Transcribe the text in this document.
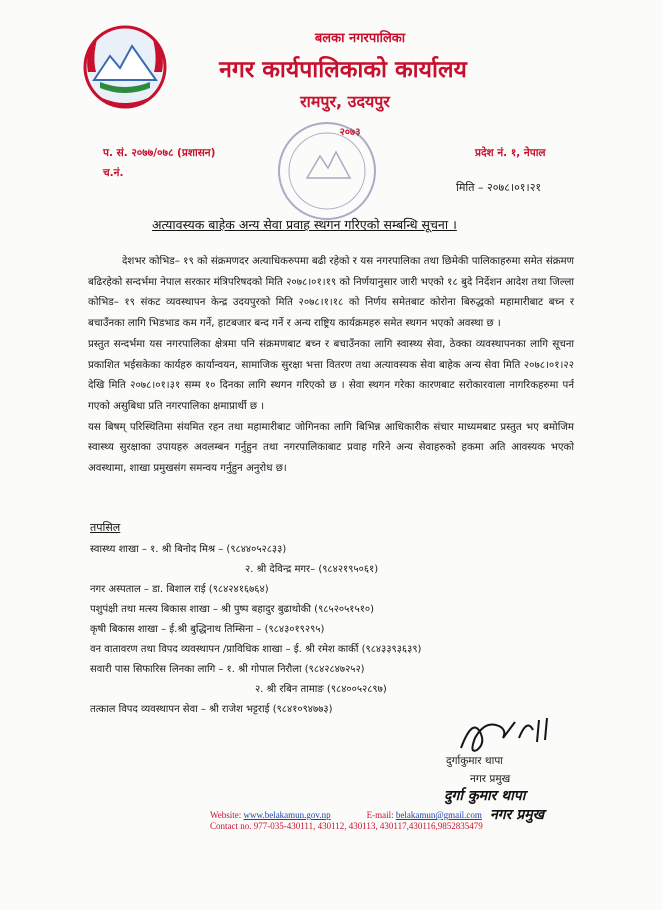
बलका नगरपालिका
नगर कार्यपालिकाको कार्यालय
रामपुर, उदयपुर
२०७३
प. सं. २०७७/०७८ (प्रशासन)
च.नं.
प्रदेश नं. १, नेपाल
मिति – २०७८।०१।२१
अत्यावस्यक बाहेक अन्य सेवा प्रवाह स्थगन गरिएको सम्बन्धि सूचना ।

देशभर कोभिड– १९ को संक्रमणदर अत्याधिकरुपमा बढी रहेको र यस नगरपालिका तथा छिमेकी पालिकाहरुमा समेत संक्रमण बढिरहेको सन्दर्भमा नेपाल सरकार मंत्रिपरिषदको मिति २०७८।०१।१९ को निर्णयानुसार जारी भएको १८ बुदे निर्देशन आदेश तथा जिल्ला कोभिड– १९ संकट व्यवस्थापन केन्द्र उदयपुरको मिति २०७८।१।१८ को निर्णय समेतबाट कोरोना बिरुद्धको महामारीबाट बच्न र बचाउँनका लागि भिडभाड कम गर्ने, हाटबजार बन्द गर्ने र अन्य राष्ट्रिय कार्यक्रमहरु समेत स्थगन भएको अवस्था छ ।

प्रस्तुत सन्दर्भमा यस नगरपालिका क्षेत्रमा पनि संक्रमणबाट बच्न र बचाउँनका लागि स्वास्थ्य सेवा, ठेक्का व्यवस्थापनका लागि सूचना प्रकाशित भईसकेका कार्यहरु कार्यान्वयन, सामाजिक सुरक्षा भत्ता वितरण तथा अत्यावस्यक सेवा बाहेक अन्य सेवा मिति २०७८।०१।२२ देखि मिति २०७८।०१।३१ सम्म १० दिनका लागि स्थगन गरिएको छ । सेवा स्थगन गरेका कारणबाट सरोकारवाला नागरिकहरुमा पर्न गएको असुबिधा प्रति नगरपालिका क्षमाप्रार्थी छ ।

यस बिषम् परिस्थितिमा संयमित रहन तथा महामारीबाट जोगिनका लागि बिभिन्न आधिकारीक संचार माध्यमबाट प्रस्तुत भए बमोजिम स्वास्थ्य सुरक्षाका उपायहरु अवलम्बन गर्नुहुन तथा नगरपालिकाबाट प्रवाह गरिने अन्य सेवाहरुको हकमा अति आवस्यक भएको अवस्थामा, शाखा प्रमुखसंग समन्वय गर्नुहुन अनुरोध छ।

तपसिल
स्वास्थ्य शाखा – १. श्री बिनोद मिश्र – (९८४४०५२८३३)
२. श्री देविन्द्र मगर– (९८४२१९५०६१)
नगर अस्पताल – डा. बिशाल राई (९८४२४१६७६४)
पशुपंक्षी तथा मत्स्य बिकास शाखा – श्री पुष्प बहादुर बुढाथोकी (९८५२०५१५१०)
कृषी बिकास शाखा – ई.श्री बुद्धिनाथ तिम्सिना – (९८४३०१९२९५)
वन वातावरण तथा विपद व्यवस्थापन /प्राविधिक शाखा – ई. श्री रमेश कार्की (९८४३३९३६३९)
सवारी पास सिफारिस लिनका लागि – १. श्री गोपाल निरौला (९८४२८४७२५२)
२. श्री रबिन तामाङ (९८४००५२८९७)
तत्काल विपद व्यवस्थापन सेवा – श्री राजेश भट्टराई (९८४१०९४७७३)
दुर्गाकुमार थापा
नगर प्रमुख
दुर्गा कुमार थापा
नगर प्रमुख
Website: www.belakamun.gov.np	E-mail: belakamun@gmail.com
Contact no. 977-035-430111, 430112, 430113, 430117,430116,9852835479
